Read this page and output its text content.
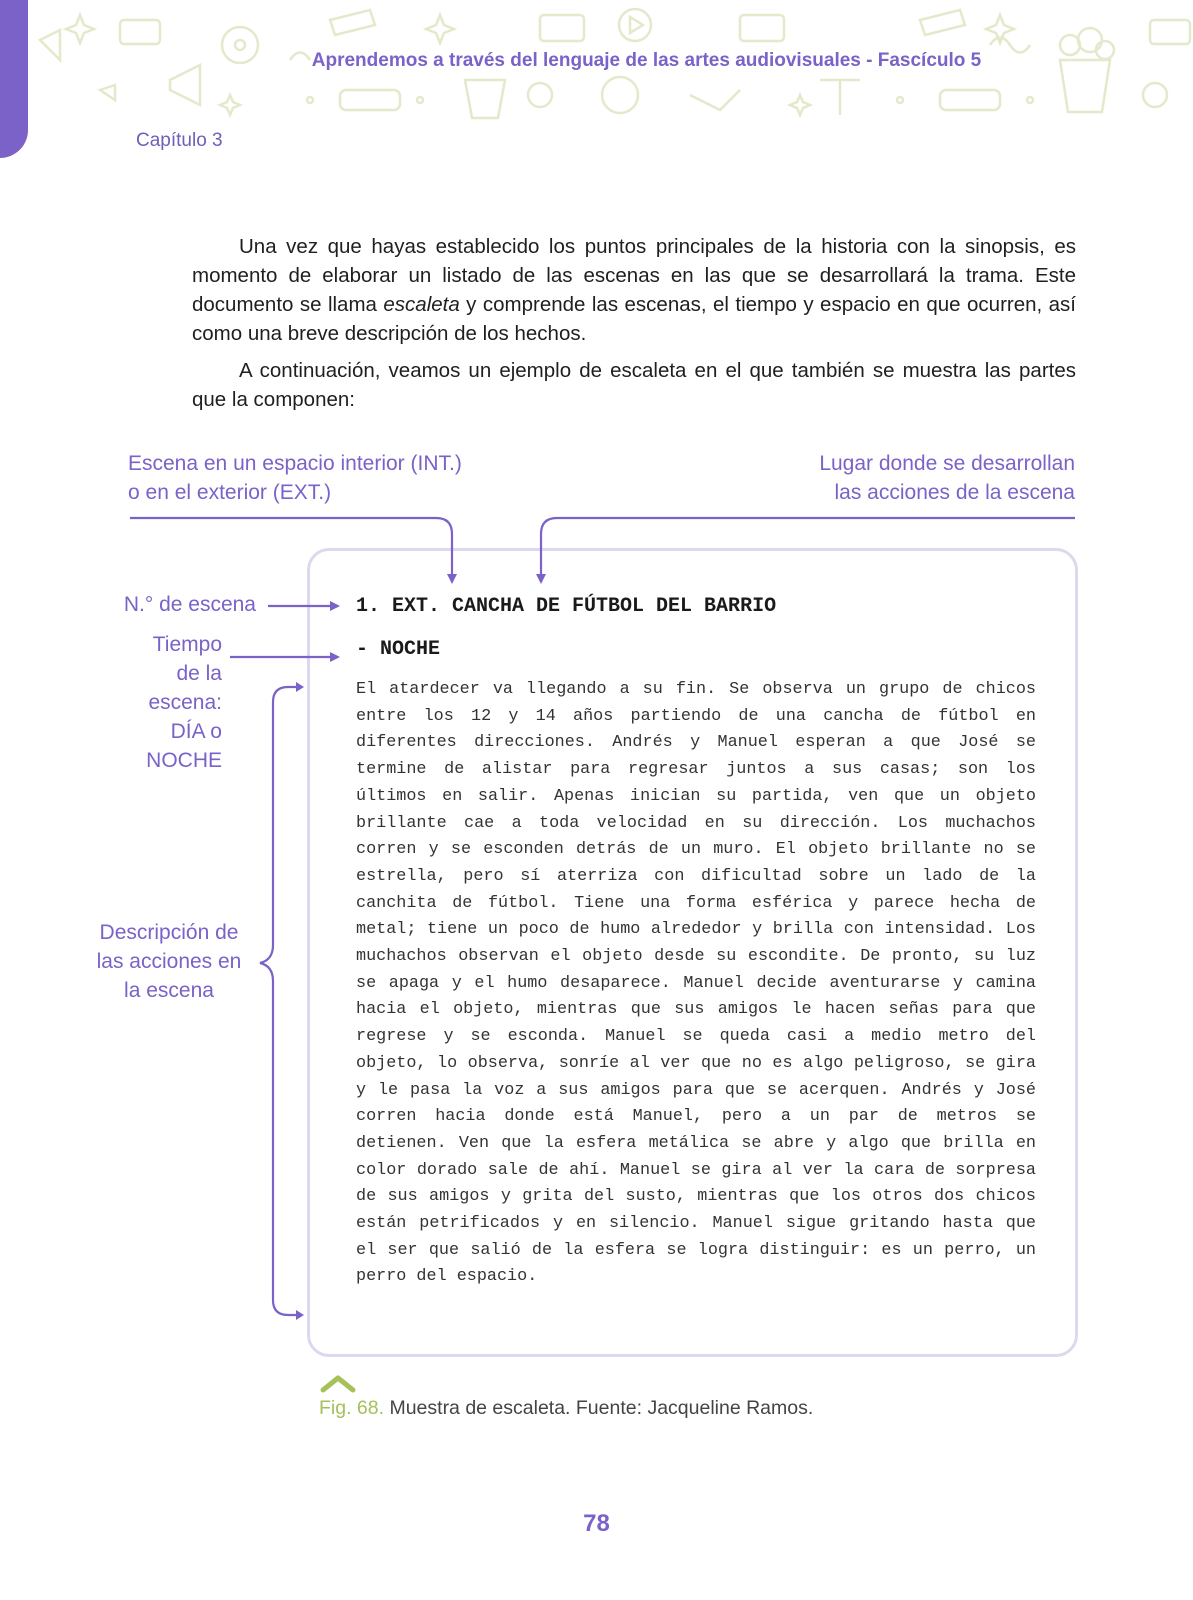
Aprendemos a través del lenguaje de las artes audiovisuales - Fascículo 5
Capítulo 3

Una vez que hayas establecido los puntos principales de la historia con la sinopsis, es momento de elaborar un listado de las escenas en las que se desarrollará la trama. Este documento se llama escaleta y comprende las escenas, el tiempo y espacio en que ocurren, así como una breve descripción de los hechos.

A continuación, veamos un ejemplo de escaleta en el que también se muestra las partes que la componen:

Escena en un espacio interior (INT.)
o en el exterior (EXT.)
Lugar donde se desarrollan
las acciones de la escena
N.° de escena
Tiempo
de la
escena:
DÍA o
NOCHE
Descripción de
las acciones en
la escena
1. EXT. CANCHA DE FÚTBOL DEL BARRIO
- NOCHE

El atardecer va llegando a su fin. Se observa un grupo de chicos entre los 12 y 14 años partiendo de una cancha de fútbol en diferentes direcciones. Andrés y Manuel esperan a que José se termine de alistar para regresar juntos a sus casas; son los últimos en salir. Apenas inician su partida, ven que un objeto brillante cae a toda velocidad en su dirección. Los muchachos corren y se esconden detrás de un muro. El objeto brillante no se estrella, pero sí aterriza con dificultad sobre un lado de la canchita de fútbol. Tiene una forma esférica y parece hecha de metal; tiene un poco de humo alrededor y brilla con intensidad. Los muchachos observan el objeto desde su escondite. De pronto, su luz se apaga y el humo desaparece. Manuel decide aventurarse y camina hacia el objeto, mientras que sus amigos le hacen señas para que regrese y se esconda. Manuel se queda casi a medio metro del objeto, lo observa, sonríe al ver que no es algo peligroso, se gira y le pasa la voz a sus amigos para que se acerquen. Andrés y José corren hacia donde está Manuel, pero a un par de metros se detienen. Ven que la esfera metálica se abre y algo que brilla en color dorado sale de ahí. Manuel se gira al ver la cara de sorpresa de sus amigos y grita del susto, mientras que los otros dos chicos están petrificados y en silencio. Manuel sigue gritando hasta que el ser que salió de la esfera se logra distinguir: es un perro, un perro del espacio.

Fig. 68. Muestra de escaleta. Fuente: Jacqueline Ramos.
78
